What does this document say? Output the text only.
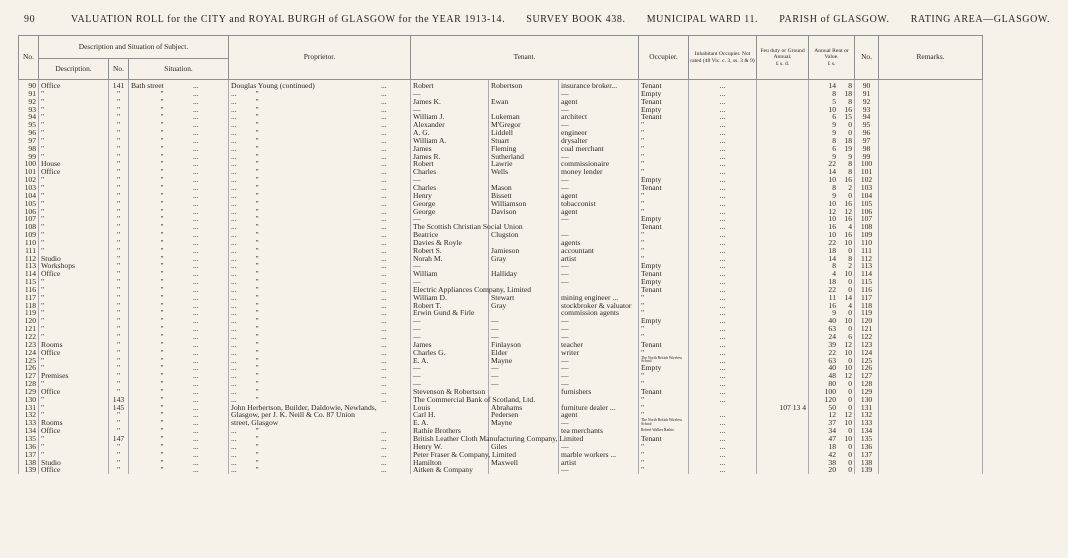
90	VALUATION ROLL for the CITY and ROYAL BURGH of GLASGOW for the YEAR 1913-14. SURVEY BOOK 438. MUNICIPAL WARD 11. PARISH of GLASGOW. RATING AREA—GLASGOW.
No.	Description and Situation of Subject.			Proprietor.	Tenant.			Occupier.	Inhabitant Occupier. Not rated (48 Vic. c. 3, ss. 3 & 9)	Feu duty or Ground Annual.
£ s. d.	Annual Rent or Value.
£ s.	No.	Remarks.
	Description.	No.	Situation.										
90	Office	141	Bath street ...	Douglas Young (continued) ...	Robert	Robertson	insurance broker...	Tenant	...		14 8	90	
91	"	"	" ...	...          " ...	—		—	Empty	...		8 18	91	
92	"	"	" ...	...          " ...	James K.	Ewan	agent	Tenant	...		5 8	92	
93	"	"	" ...	...          " ...	—		—	Empty	...		10 16	93	
94	"	"	" ...	...          " ...	William J.	Lukeman	architect	Tenant	...		6 15	94	
95	"	"	" ...	...          " ...	Alexander	M'Gregor	—	"	...		9 0	95	
96	"	"	" ...	...          " ...	A. G.	Liddell	engineer	"	...		9 0	96	
97	"	"	" ...	...          " ...	William A.	Stuart	drysalter	"	...		8 18	97	
98	"	"	" ...	...          " ...	James	Fleming	coal merchant	"	...		6 19	98	
99	"	"	" ...	...          " ...	James R.	Sutherland	—	"	...		9 9	99	
100	House	"	" ...	...          " ...	Robert	Lawrie	commissionaire	"	...		22 8	100	
101	Office	"	" ...	...          " ...	Charles	Wells	money lender	"	...		14 8	101	
102	"	"	" ...	...          " ...	—		—	Empty	...		10 16	102	
103	"	"	" ...	...          " ...	Charles	Mason	—	Tenant	...		8 2	103	
104	"	"	" ...	...          " ...	Henry	Bissett	agent	"	...		9 0	104	
105	"	"	" ...	...          " ...	George	Williamson	tobacconist	"	...		10 16	105	
106	"	"	" ...	...          " ...	George	Davison	agent	"	...		12 12	106	
107	"	"	" ...	...          " ...	—		—	Empty	...		10 16	107	
108	"	"	" ...	...          " ...	The Scottish Christian Social Union			Tenant	...		16 4	108	
109	"	"	" ...	...          " ...	Beatrice	Clugston	—	"	...		10 16	109	
110	"	"	" ...	...          " ...	Davies & Royle		agents	"	...		22 10	110	
111	"	"	" ...	...          " ...	Robert S.	Jamieson	accountant	"	...		18 0	111	
112	Studio	"	" ...	...          " ...	Norah M.	Gray	artist	"	...		14 8	112	
113	Workshops	"	" ...	...          " ...	—		—	Empty	...		8 2	113	
114	Office	"	" ...	...          " ...	William	Halliday	—	Tenant	...		4 10	114	
115	"	"	" ...	...          " ...	—		—	Empty	...		18 0	115	
116	"	"	" ...	...          " ...	Electric Appliances Company, Limited			Tenant	...		22 0	116	
117	"	"	" ...	...          " ...	William D.	Stewart	mining engineer ...	"	...		11 14	117	
118	"	"	" ...	...          " ...	Robert T.	Gray	stockbroker & valuator	"	...		16 4	118	
119	"	"	" ...	...          " ...	Erwin Gund & Firle		commission agents	"	...		9 0	119	
120	"	"	" ...	...          " ...	—	—	—	Empty	...		40 10	120	
121	"	"	" ...	...          " ...	—	—	—	"	...		63 0	121	
122	"	"	" ...	...          " ...	—	—	—	"	...		24 6	122	
123	Rooms	"	" ...	...          " ...	James	Finlayson	teacher	Tenant	...		39 12	123	
124	Office	"	" ...	...          " ...	Charles G.	Elder	writer	"	...		22 10	124	
125	"	"	" ...	...          " ...	E. A.	Mayne	—	The North British Wireless School	...		63 0	125	
126	"	"	" ...	...          " ...	—	—	—	Empty	...		40 10	126	
127	Premises	"	" ...	...          " ...	—	—	—	"	...		48 12	127	
128	"	"	" ...	...          " ...	—	—	—	"	...		80 0	128	
129	Office	"	" ...	...          " ...	Stevenson & Robertson		furnishers	Tenant	...		100 0	129	
130	"	143	" ...	...          " ...	The Commercial Bank of Scotland, Ltd.			"	...		120 0	130	
131	"	145	" ...	John Herbertson, Builder, Daldowie, Newlands,	Louis	Abrahams	furniture dealer ...	"		107 13 4	50 0	131	
132	"	"	" ...	Glasgow, per J. K. Neill & Co. 87 Union	Carl H.	Pedersen	agent	"	...		12 12	132	
133	Rooms	"	" ...	street, Glasgow	E. A.	Mayne	—	The North British Wireless School	...		37 10	133	
134	Office	"	" ...	...          " ...	Rathie Brothers		tea merchants	Robert Walker Rathie	...		34 0	134	
135	"	147	" ...	...          " ...	British Leather Cloth Manufacturing Company, Limited			Tenant	...		47 10	135	
136	"	"	" ...	...          " ...	Henry W.	Giles	—	"	...		18 0	136	
137	"	"	" ...	...          " ...	Peter Fraser & Company, Limited		marble workers ...	"	...		42 0	137	
138	Studio	"	" ...	...          " ...	Hamilton	Maxwell	artist	"	...		38 0	138	
139	Office	"	" ...	...          " ...	Aitken & Company		—	"	...		20 0	139	
